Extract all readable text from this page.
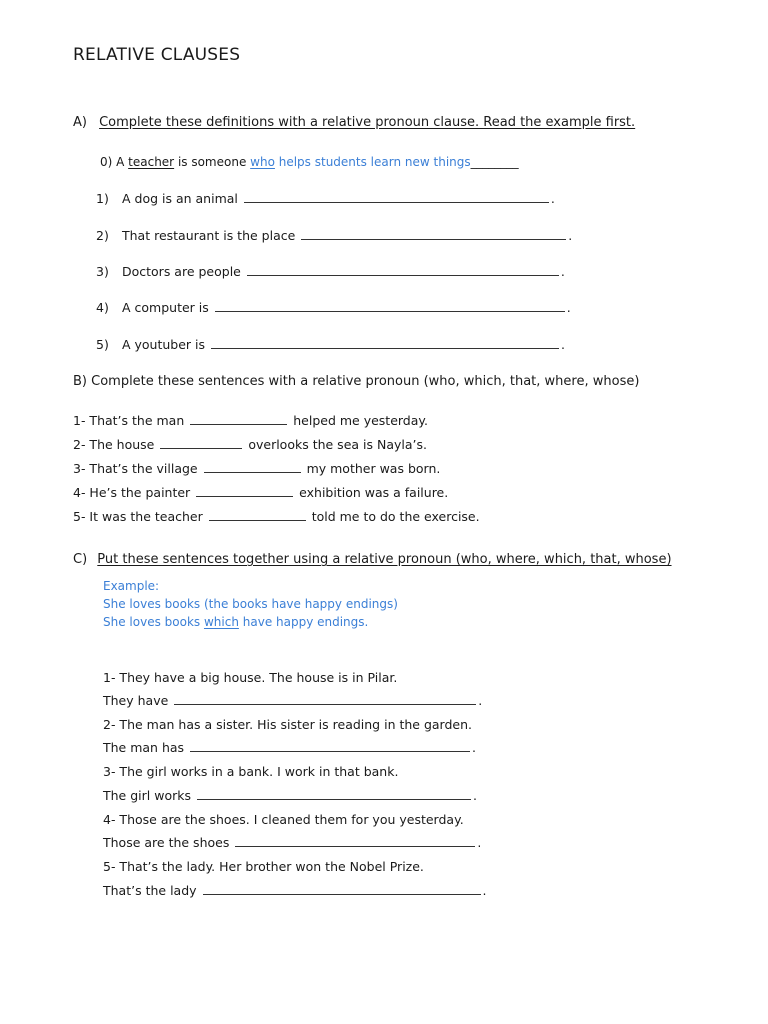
RELATIVE CLAUSES
A) Complete these definitions with a relative pronoun clause. Read the example first.
0) A teacher is someone who helps students learn new things________
1) A dog is an animal	.
2) That restaurant is the place	.
3) Doctors are people	.
4) A computer is	.
5) A youtuber is	.
B) Complete these sentences with a relative pronoun (who, which, that, where, whose)
1- That’s the man	helped me yesterday.
2- The house	overlooks the sea is Nayla’s.
3- That’s the village	my mother was born.
4- He’s the painter	exhibition was a failure.
5- It was the teacher	told me to do the exercise.
C) Put these sentences together using a relative pronoun (who, where, which, that, whose)
Example:
She loves books (the books have happy endings)
She loves books which have happy endings.
1- They have a big house. The house is in Pilar.
They have	.
2- The man has a sister. His sister is reading in the garden.
The man has	.
3- The girl works in a bank. I work in that bank.
The girl works	.
4- Those are the shoes. I cleaned them for you yesterday.
Those are the shoes	.
5- That’s the lady. Her brother won the Nobel Prize.
That’s the lady	.
